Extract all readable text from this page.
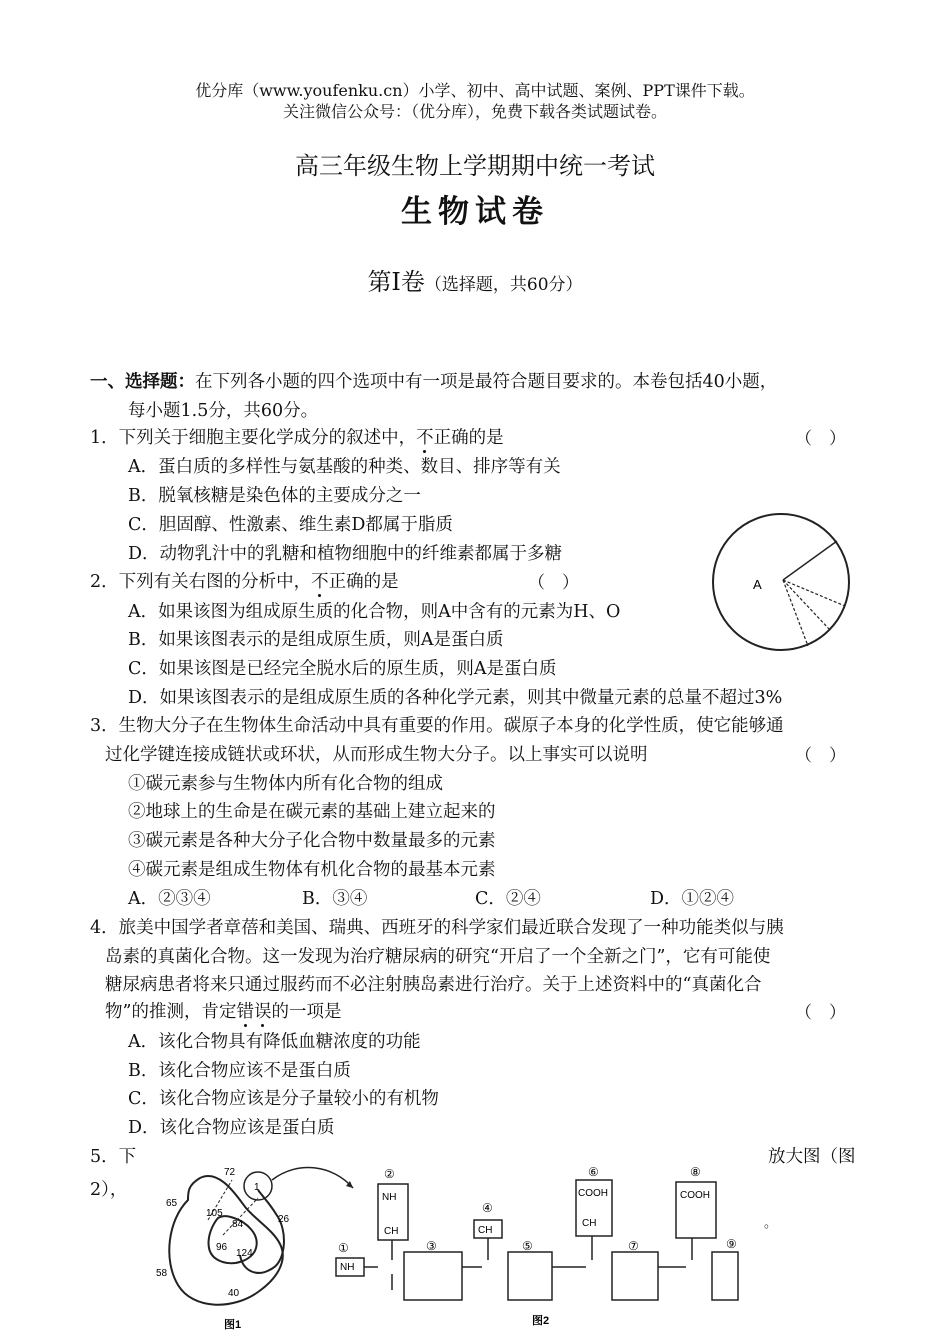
优分库（www.youfenku.cn）小学、初中、高中试题、案例、PPT课件下载。
关注微信公众号：（优分库），免费下载各类试题试卷。
高三年级生物上学期期中统一考试
生物试卷
第Ⅰ卷（选择题，共60分）
一、选择题：在下列各小题的四个选项中有一项是最符合题目要求的。本卷包括40小题，
每小题1.5分，共60分。
1．下列关于细胞主要化学成分的叙述中，不正确的是	（　）
A．蛋白质的多样性与氨基酸的种类、数目、排序等有关
B．脱氧核糖是染色体的主要成分之一
C．胆固醇、性激素、维生素D都属于脂质
D．动物乳汁中的乳糖和植物细胞中的纤维素都属于多糖
A
2．下列有关右图的分析中，不正确的是	（　）
A．如果该图为组成原生质的化合物，则A中含有的元素为H、O
B．如果该图表示的是组成原生质，则A是蛋白质
C．如果该图是已经完全脱水后的原生质，则A是蛋白质
D．如果该图表示的是组成原生质的各种化学元素，则其中微量元素的总量不超过3%
3．生物大分子在生物体生命活动中具有重要的作用。碳原子本身的化学性质，使它能够通
过化学键连接成链状或环状，从而形成生物大分子。以上事实可以说明	（　）
①碳元素参与生物体内所有化合物的组成
②地球上的生命是在碳元素的基础上建立起来的
③碳元素是各种大分子化合物中数量最多的元素
④碳元素是组成生物体有机化合物的最基本元素
A．②③④	B．③④	C．②④	D．①②④
4．旅美中国学者章蓓和美国、瑞典、西班牙的科学家们最近联合发现了一种功能类似与胰
岛素的真菌化合物。这一发现为治疗糖尿病的研究“开启了一个全新之门”，它有可能使
糖尿病患者将来只通过服药而不必注射胰岛素进行治疗。关于上述资料中的“真菌化合
物”的推测，肯定错误的一项是	（　）
A．该化合物具有降低血糖浓度的功能
B．该化合物应该不是蛋白质
C．该化合物应该是分子量较小的有机物
D．该化合物应该是蛋白质
5．下	放大图（图
2），
。
72
65
105
84	26
96
124
58
40
1
图1
NH
NH
CH	CH
COOH
CH
COOH
①
②
③
④
⑤
⑥
⑦
⑧
⑨
图2
